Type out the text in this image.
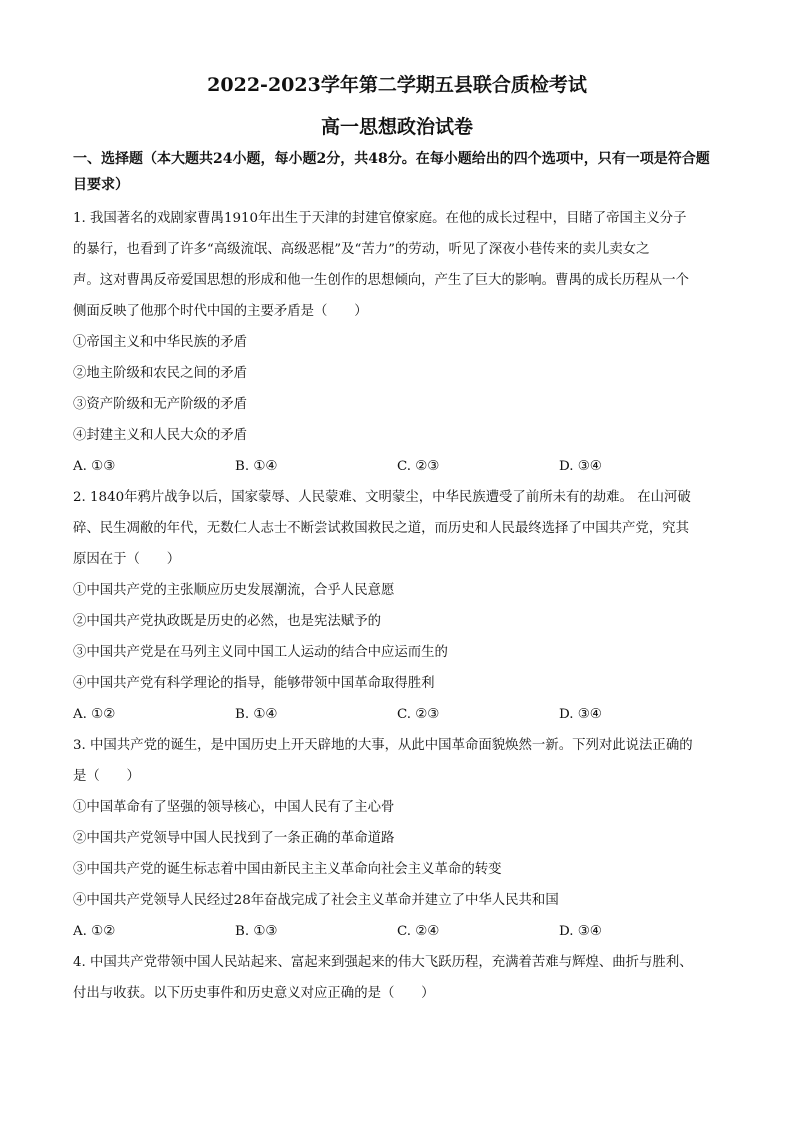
2022-2023学年第二学期五县联合质检考试
高一思想政治试卷
一、选择题（本大题共24小题，每小题2分，共48分。在每小题给出的四个选项中，只有一项是符合题目要求）
1. 我国著名的戏剧家曹禺1910年出生于天津的封建官僚家庭。在他的成长过程中，目睹了帝国主义分子
的暴行，也看到了许多“高级流氓、高级恶棍”及“苦力”的劳动，听见了深夜小巷传来的卖儿卖女之
声。这对曹禺反帝爱国思想的形成和他一生创作的思想倾向，产生了巨大的影响。曹禺的成长历程从一个
侧面反映了他那个时代中国的主要矛盾是（　　）
①帝国主义和中华民族的矛盾
②地主阶级和农民之间的矛盾
③资产阶级和无产阶级的矛盾
④封建主义和人民大众的矛盾
A. ①③	B. ①④	C. ②③	D. ③④
2. 1840年鸦片战争以后，国家蒙辱、人民蒙难、文明蒙尘，中华民族遭受了前所未有的劫难。 在山河破
碎、民生凋敝的年代，无数仁人志士不断尝试救国救民之道，而历史和人民最终选择了中国共产党，究其
原因在于（　　）
①中国共产党的主张顺应历史发展潮流，合乎人民意愿
②中国共产党执政既是历史的必然，也是宪法赋予的
③中国共产党是在马列主义同中国工人运动的结合中应运而生的
④中国共产党有科学理论的指导，能够带领中国革命取得胜利
A. ①②	B. ①④	C. ②③	D. ③④
3. 中国共产党的诞生，是中国历史上开天辟地的大事，从此中国革命面貌焕然一新。下列对此说法正确的
是（　　）
①中国革命有了坚强的领导核心，中国人民有了主心骨
②中国共产党领导中国人民找到了一条正确的革命道路
③中国共产党的诞生标志着中国由新民主主义革命向社会主义革命的转变
④中国共产党领导人民经过28年奋战完成了社会主义革命并建立了中华人民共和国
A. ①②	B. ①③	C. ②④	D. ③④
4. 中国共产党带领中国人民站起来、富起来到强起来的伟大飞跃历程，充满着苦难与辉煌、曲折与胜利、
付出与收获。以下历史事件和历史意义对应正确的是（　　）
